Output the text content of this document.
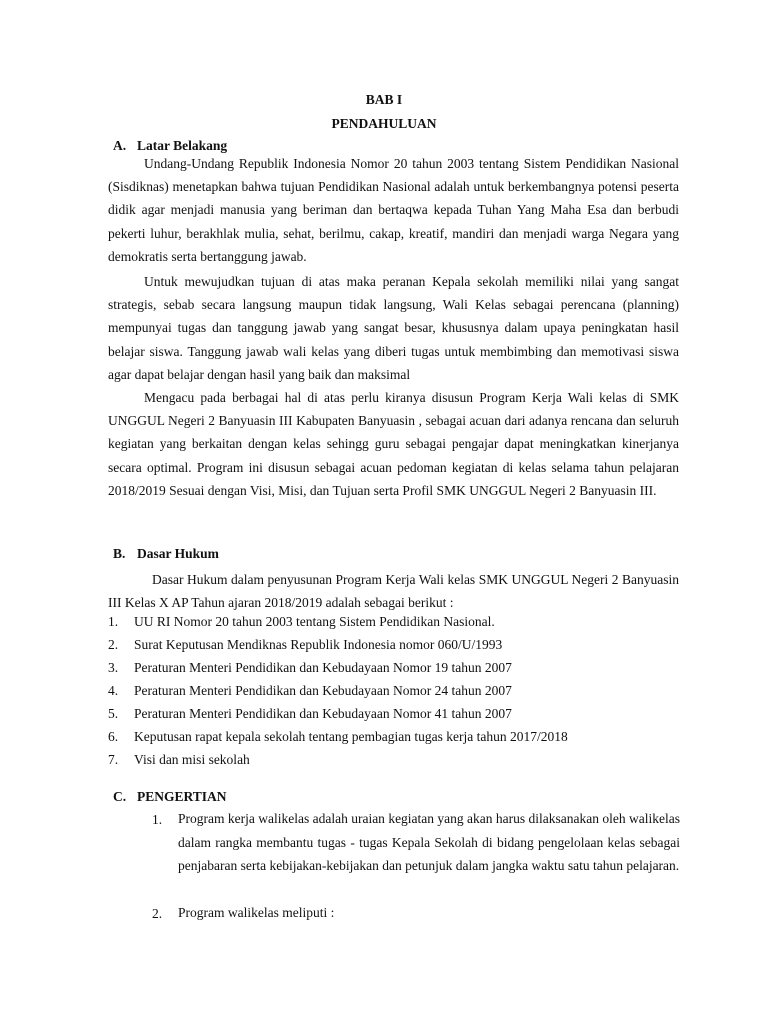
BAB I
PENDAHULUAN
A. Latar Belakang

Undang-Undang Republik Indonesia Nomor 20 tahun 2003 tentang Sistem Pendidikan Nasional (Sisdiknas) menetapkan bahwa tujuan Pendidikan Nasional adalah untuk berkembangnya potensi peserta didik agar menjadi manusia yang beriman dan bertaqwa kepada Tuhan Yang Maha Esa dan berbudi pekerti luhur, berakhlak mulia, sehat, berilmu, cakap, kreatif, mandiri dan menjadi warga Negara yang demokratis serta bertanggung jawab.

Untuk mewujudkan tujuan di atas maka peranan Kepala sekolah memiliki nilai yang sangat strategis, sebab secara langsung maupun tidak langsung, Wali Kelas sebagai perencana (planning) mempunyai tugas dan tanggung jawab yang sangat besar, khususnya dalam upaya peningkatan hasil belajar siswa. Tanggung jawab wali kelas yang diberi tugas untuk membimbing dan memotivasi siswa agar dapat belajar dengan hasil yang baik dan maksimal

Mengacu pada berbagai hal di atas perlu kiranya disusun Program Kerja Wali kelas di SMK UNGGUL Negeri 2 Banyuasin III Kabupaten Banyuasin , sebagai acuan dari adanya rencana dan seluruh kegiatan yang berkaitan dengan kelas sehingg guru sebagai pengajar dapat meningkatkan kinerjanya secara optimal. Program ini disusun sebagai acuan pedoman kegiatan di kelas selama tahun pelajaran 2018/2019 Sesuai dengan Visi, Misi, dan Tujuan serta Profil SMK UNGGUL Negeri 2 Banyuasin III.

B. Dasar Hukum

Dasar Hukum dalam penyusunan Program Kerja Wali kelas SMK UNGGUL Negeri 2 Banyuasin III Kelas X AP Tahun ajaran 2018/2019 adalah sebagai berikut :

1. UU RI Nomor 20 tahun 2003 tentang Sistem Pendidikan Nasional.
2. Surat Keputusan Mendiknas Republik Indonesia nomor 060/U/1993
3. Peraturan Menteri Pendidikan dan Kebudayaan Nomor 19 tahun 2007
4. Peraturan Menteri Pendidikan dan Kebudayaan Nomor 24 tahun 2007
5. Peraturan Menteri Pendidikan dan Kebudayaan Nomor 41 tahun 2007
6. Keputusan rapat kepala sekolah tentang pembagian tugas kerja tahun 2017/2018
7. Visi dan misi sekolah
C. PENGERTIAN
1. Program kerja walikelas adalah uraian kegiatan yang akan harus dilaksanakan oleh walikelas dalam rangka membantu tugas - tugas Kepala Sekolah di bidang pengelolaan kelas sebagai penjabaran serta kebijakan-kebijakan dan petunjuk dalam jangka waktu satu tahun pelajaran.

2. Program walikelas meliputi :
